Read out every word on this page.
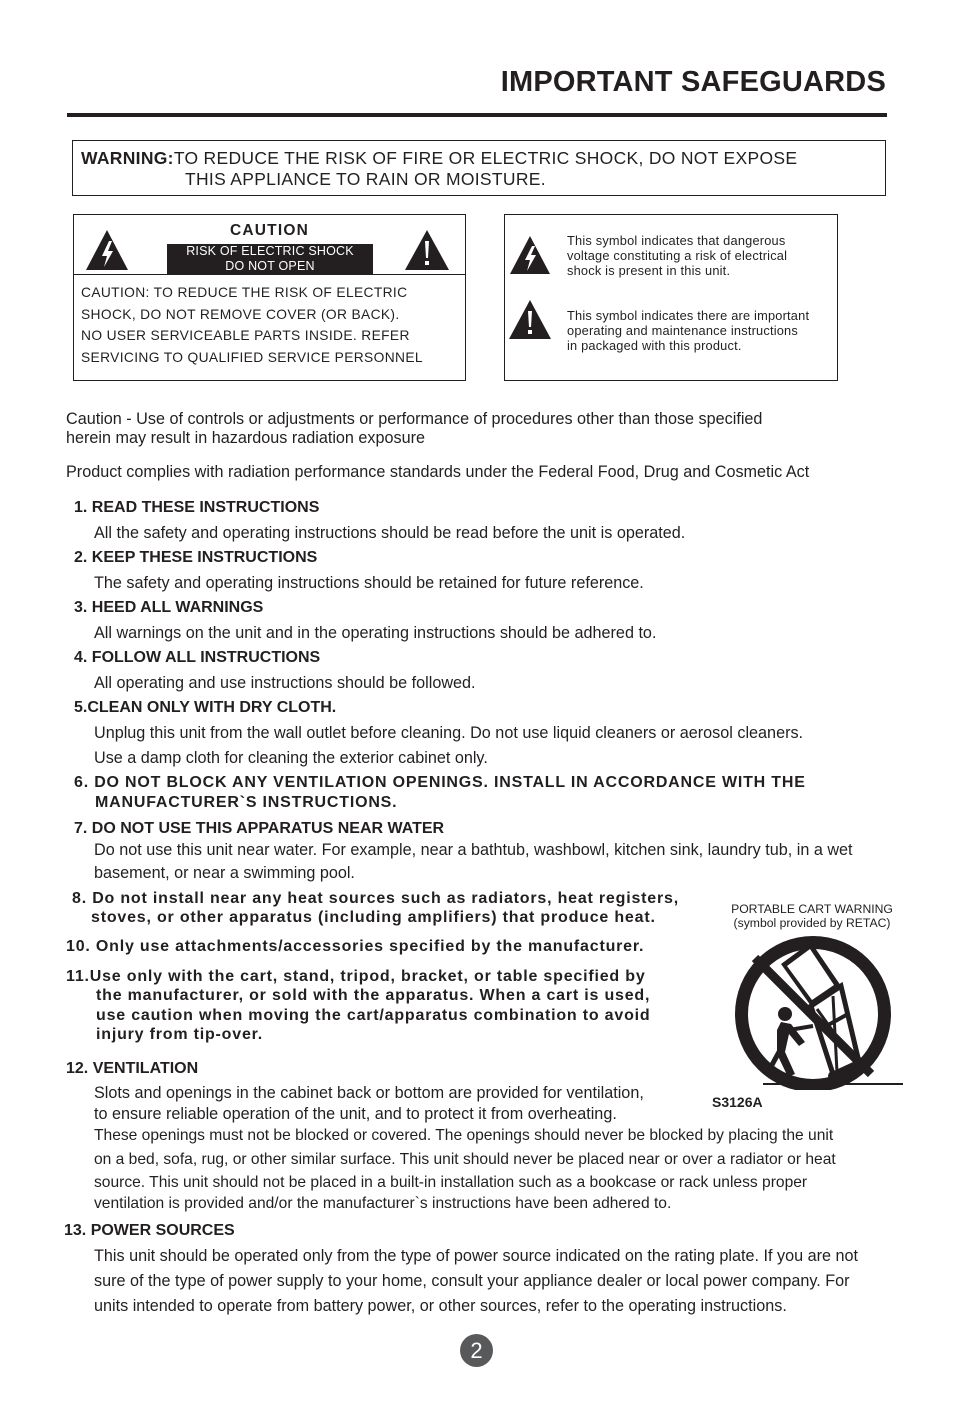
IMPORTANT SAFEGUARDS
WARNING:TO REDUCE THE RISK OF FIRE OR ELECTRIC SHOCK, DO NOT EXPOSE
THIS APPLIANCE TO RAIN OR MOISTURE.
CAUTION
RISK OF ELECTRIC SHOCK
DO NOT OPEN
CAUTION: TO REDUCE THE RISK OF ELECTRIC
SHOCK, DO NOT REMOVE COVER (OR BACK).
NO USER SERVICEABLE PARTS INSIDE. REFER
SERVICING TO QUALIFIED SERVICE PERSONNEL
This symbol indicates that dangerous
voltage constituting a risk of electrical
shock is present in this unit.
This symbol indicates there are important
operating and maintenance instructions
in packaged with this product.
Caution - Use of controls or adjustments or performance of procedures other than those specified
herein may result in hazardous radiation exposure
Product complies with radiation performance standards under the Federal Food, Drug and Cosmetic Act
1. READ THESE INSTRUCTIONS
All the safety and operating instructions should be read before the unit is operated.
2. KEEP THESE INSTRUCTIONS
The safety and operating instructions should be retained for future reference.
3. HEED ALL WARNINGS
All warnings on the unit and in the operating instructions should be adhered to.
4. FOLLOW ALL INSTRUCTIONS
All operating and use instructions should be followed.
5.CLEAN ONLY WITH DRY CLOTH.
Unplug this unit from the wall outlet before cleaning. Do not use liquid cleaners or aerosol cleaners.
Use a damp cloth for cleaning the exterior cabinet only.
6. DO NOT BLOCK ANY VENTILATION OPENINGS. INSTALL IN ACCORDANCE WITH THE
MANUFACTURER`S INSTRUCTIONS.
7. DO NOT USE THIS APPARATUS NEAR WATER
Do not use this unit near water. For example, near a bathtub, washbowl, kitchen sink, laundry tub, in a wet
basement, or near a swimming pool.
8. Do not install near any heat sources such as radiators, heat registers,
stoves, or other apparatus (including amplifiers) that produce heat.
10. Only use attachments/accessories specified by the manufacturer.
11.Use only with the cart, stand, tripod, bracket, or table specified by
the manufacturer, or sold with the apparatus. When a cart is used,
use caution when moving the cart/apparatus combination to avoid
injury from tip-over.
PORTABLE CART WARNING
(symbol provided by RETAC)
S3126A
12. VENTILATION
Slots and openings in the cabinet back or bottom are provided for ventilation,
to ensure reliable operation of the unit, and to protect it from overheating.
These openings must not be blocked or covered. The openings should never be blocked by placing the unit
on a bed, sofa, rug, or other similar surface. This unit should never be placed near or over a radiator or heat
source. This unit should not be placed in a built-in installation such as a bookcase or rack unless proper
ventilation is provided and/or the manufacturer`s instructions have been adhered to.
13. POWER SOURCES
This unit should be operated only from the type of power source indicated on the rating plate. If you are not
sure of the type of power supply to your home, consult your appliance dealer or local power company. For
units intended to operate from battery power, or other sources, refer to the operating instructions.
2
